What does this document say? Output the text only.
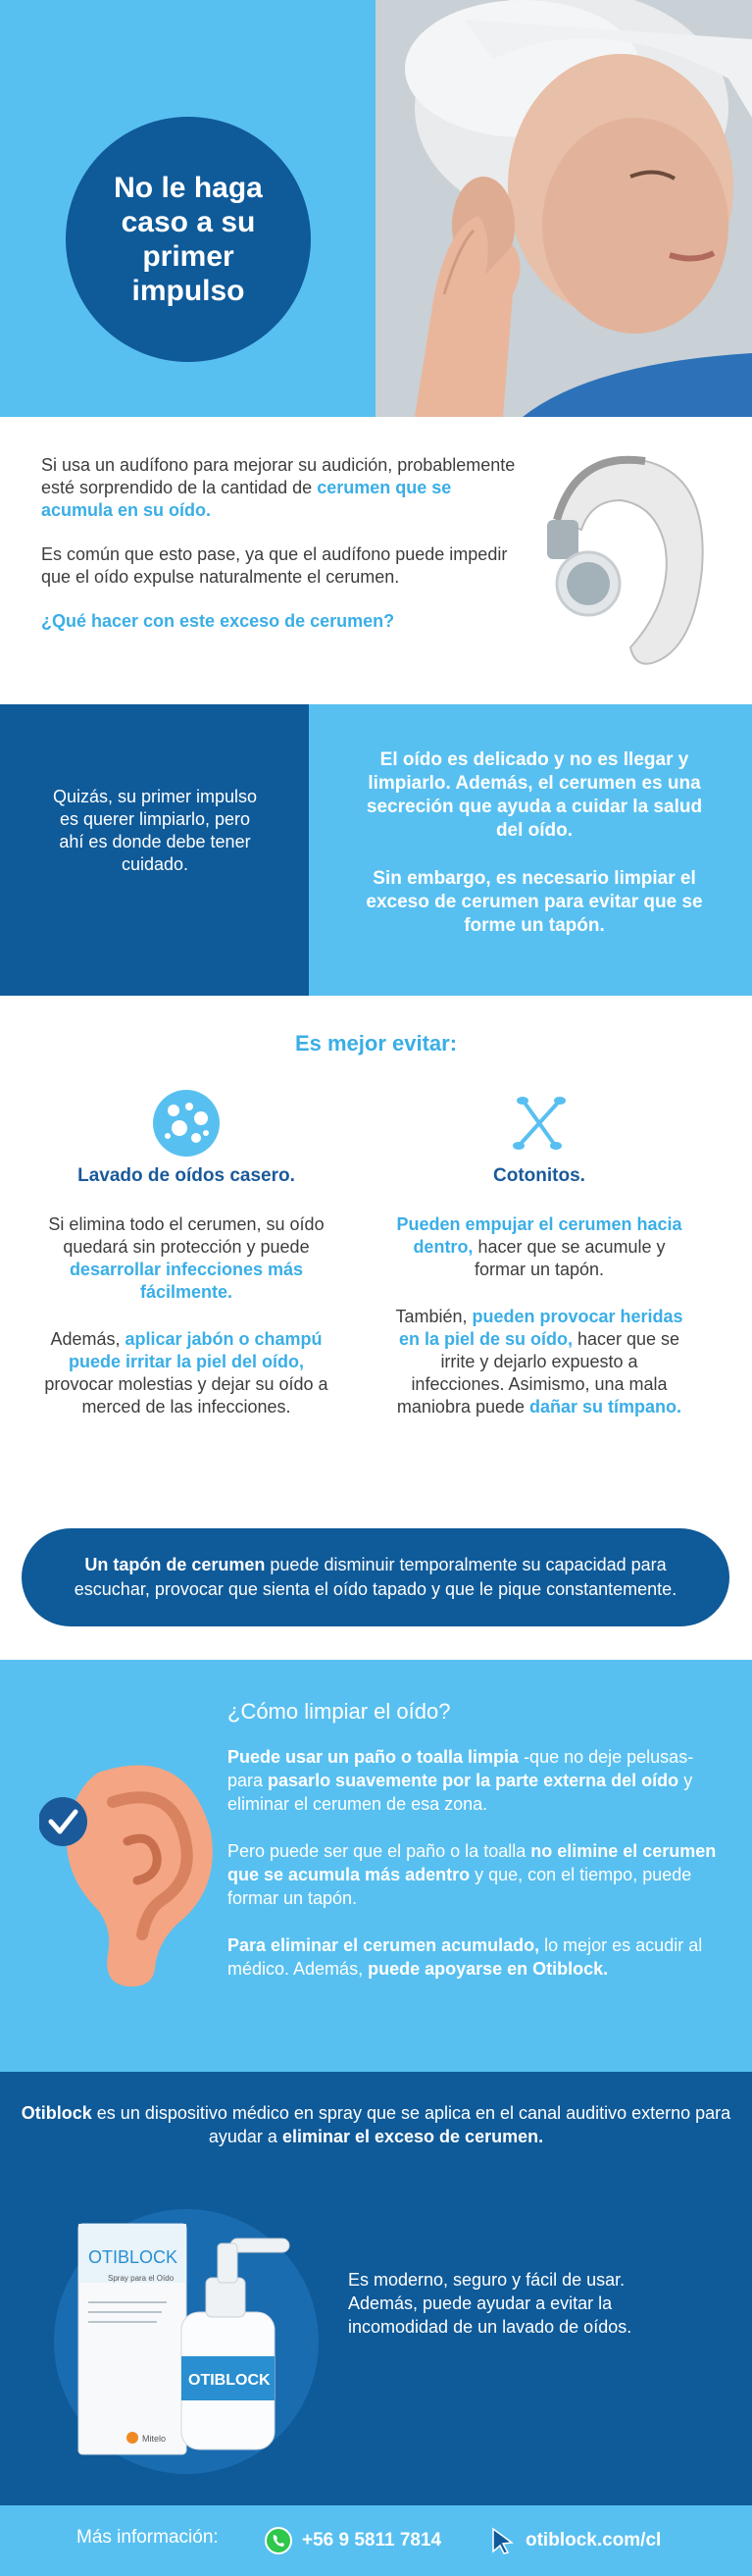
No le haga caso a su primer impulso

Si usa un audífono para mejorar su audición, probablemente esté sorprendido de la cantidad de cerumen que se acumula en su oído.

Es común que esto pase, ya que el audífono puede impedir que el oído expulse naturalmente el cerumen.

¿Qué hacer con este exceso de cerumen?

Quizás, su primer impulso es querer limpiarlo, pero ahí es donde debe tener cuidado.

El oído es delicado y no es llegar y limpiarlo. Además, el cerumen es una secreción que ayuda a cuidar la salud del oído.

Sin embargo, es necesario limpiar el exceso de cerumen para evitar que se forme un tapón.

Es mejor evitar:
Lavado de oídos casero.

Si elimina todo el cerumen, su oído quedará sin protección y puede desarrollar infecciones más fácilmente.

Además, aplicar jabón o champú puede irritar la piel del oído, provocar molestias y dejar su oído a merced de las infecciones.

Cotonitos.

Pueden empujar el cerumen hacia dentro, hacer que se acumule y formar un tapón.

También, pueden provocar heridas en la piel de su oído, hacer que se irrite y dejarlo expuesto a infecciones. Asimismo, una mala maniobra puede dañar su tímpano.

Un tapón de cerumen puede disminuir temporalmente su capacidad para escuchar, provocar que sienta el oído tapado y que le pique constantemente.
¿Cómo limpiar el oído?

Puede usar un paño o toalla limpia -que no deje pelusas- para pasarlo suavemente por la parte externa del oído y eliminar el cerumen de esa zona.

Pero puede ser que el paño o la toalla no elimine el cerumen que se acumula más adentro y que, con el tiempo, puede formar un tapón.

Para eliminar el cerumen acumulado, lo mejor es acudir al médico. Además, puede apoyarse en Otiblock.

Otiblock es un dispositivo médico en spray que se aplica en el canal auditivo externo para ayudar a eliminar el exceso de cerumen.
OTIBLOCK
Spray para el Oído
Mitelo
OTIBLOCK
Es moderno, seguro y fácil de usar. Además, puede ayudar a evitar la incomodidad de un lavado de oídos.
Más información:	+56 9 5811 7814	otiblock.com/cl
